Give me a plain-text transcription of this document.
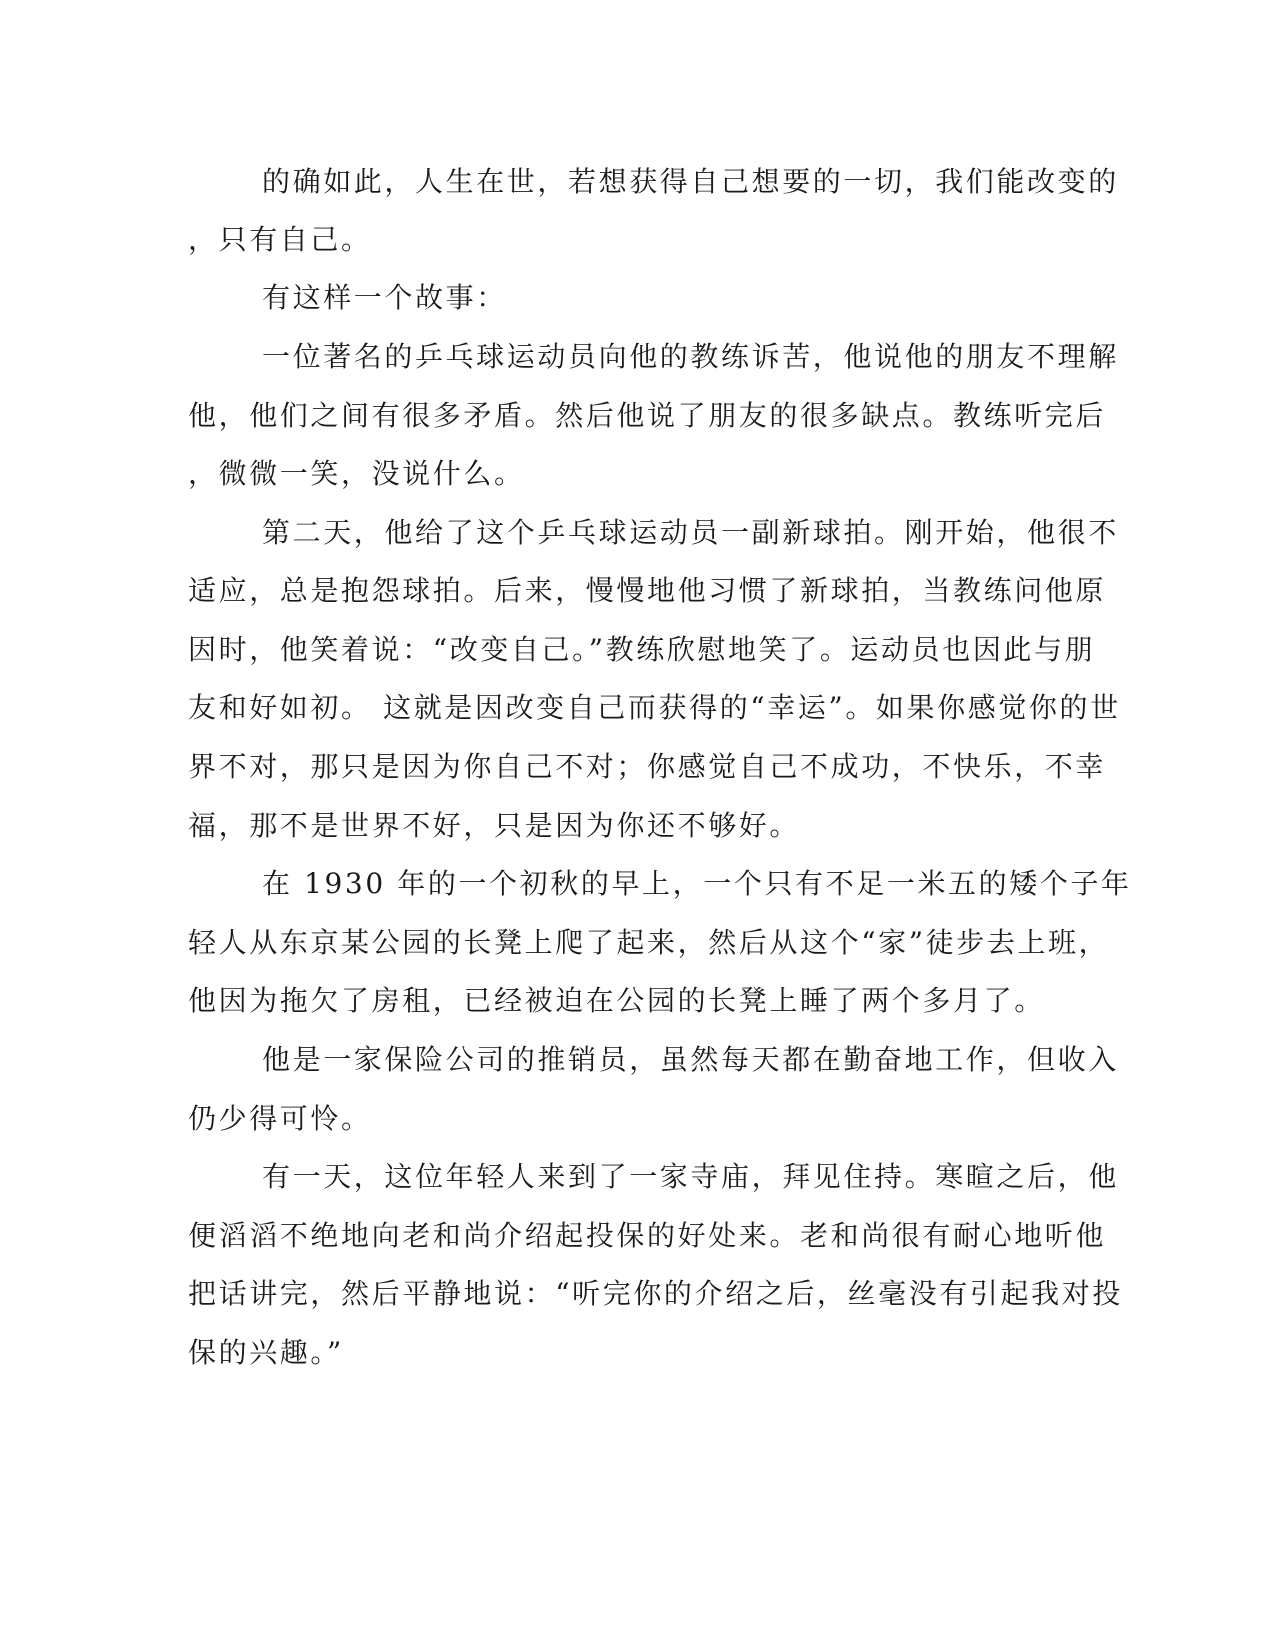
的确如此，人生在世，若想获得自己想要的一切，我们能改变的
，只有自己。
有这样一个故事：
一位著名的乒乓球运动员向他的教练诉苦，他说他的朋友不理解
他，他们之间有很多矛盾。然后他说了朋友的很多缺点。教练听完后
，微微一笑，没说什么。
第二天，他给了这个乒乓球运动员一副新球拍。刚开始，他很不
适应，总是抱怨球拍。后来，慢慢地他习惯了新球拍，当教练问他原
因时，他笑着说：“改变自己。”教练欣慰地笑了。运动员也因此与朋
友和好如初。 这就是因改变自己而获得的“幸运”。如果你感觉你的世
界不对，那只是因为你自己不对；你感觉自己不成功，不快乐，不幸
福，那不是世界不好，只是因为你还不够好。
在 1930 年的一个初秋的早上，一个只有不足一米五的矮个子年
轻人从东京某公园的长凳上爬了起来，然后从这个“家”徒步去上班，
他因为拖欠了房租，已经被迫在公园的长凳上睡了两个多月了。
他是一家保险公司的推销员，虽然每天都在勤奋地工作，但收入
仍少得可怜。
有一天，这位年轻人来到了一家寺庙，拜见住持。寒暄之后，他
便滔滔不绝地向老和尚介绍起投保的好处来。老和尚很有耐心地听他
把话讲完，然后平静地说：“听完你的介绍之后，丝毫没有引起我对投
保的兴趣。”
